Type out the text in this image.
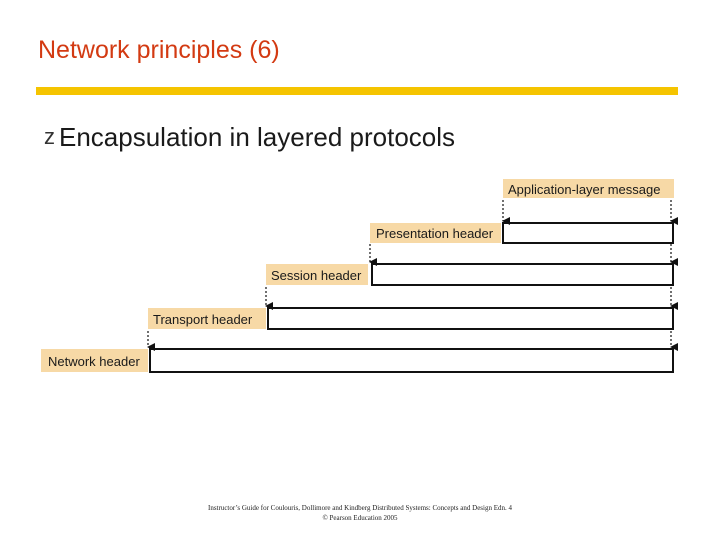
Network principles (6)
z Encapsulation in layered protocols
Application-layer message
Presentation header
Session header
Transport header
Network header
Instructor’s Guide for Coulouris, Dollimore and Kindberg Distributed Systems: Concepts and Design Edn. 4
© Pearson Education 2005
